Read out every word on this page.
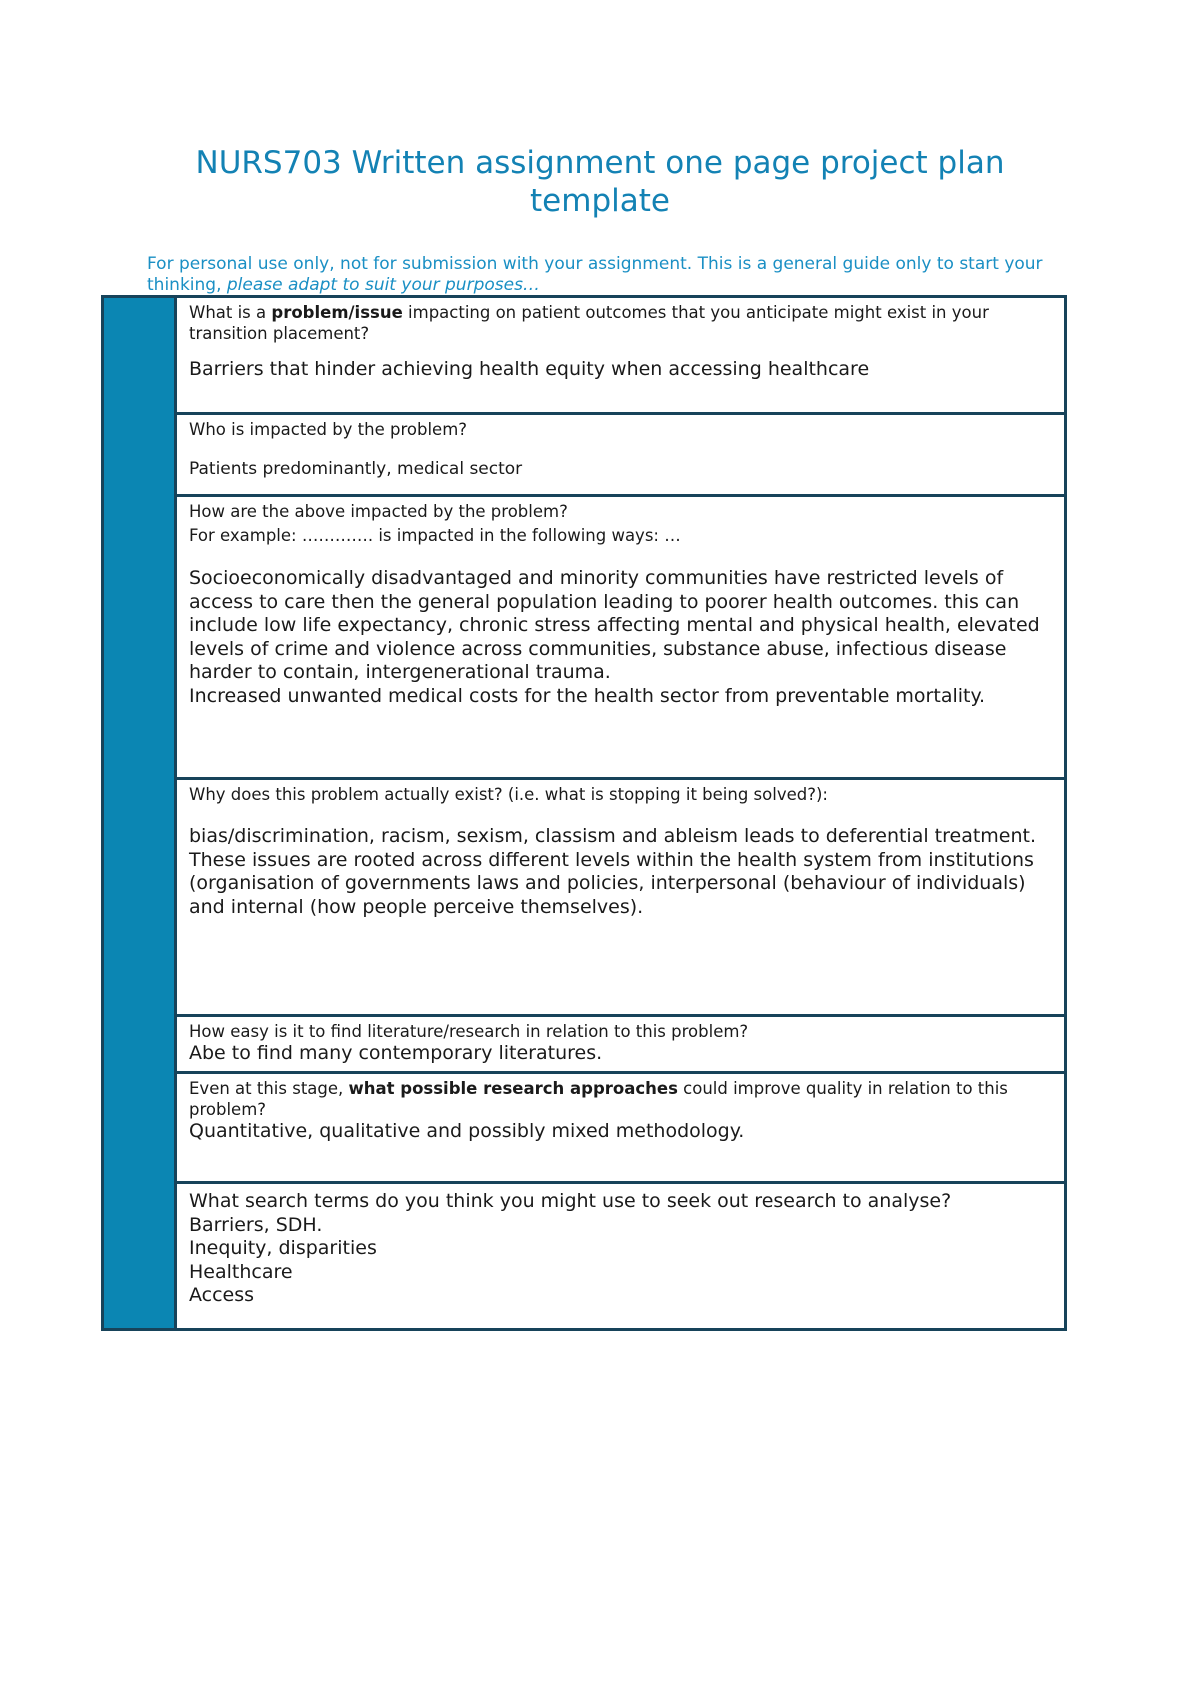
NURS703 Written assignment one page project plan template

For personal use only, not for submission with your assignment. This is a general guide only to start your thinking, please adapt to suit your purposes…

What is a problem/issue impacting on patient outcomes that you anticipate might exist in your transition placement?

Barriers that hinder achieving health equity when accessing healthcare

Who is impacted by the problem?

Patients predominantly, medical sector

How are the above impacted by the problem?

For example: …………. is impacted in the following ways: …

Socioeconomically disadvantaged and minority communities have restricted levels of access to care then the general population leading to poorer health outcomes. this can include low life expectancy, chronic stress affecting mental and physical health, elevated levels of crime and violence across communities, substance abuse, infectious disease harder to contain, intergenerational trauma.

Increased unwanted medical costs for the health sector from preventable mortality.

Why does this problem actually exist? (i.e. what is stopping it being solved?):

bias/discrimination, racism, sexism, classism and ableism leads to deferential treatment.

These issues are rooted across different levels within the health system from institutions (organisation of governments laws and policies, interpersonal (behaviour of individuals) and internal (how people perceive themselves).

How easy is it to find literature/research in relation to this problem?

Abe to find many contemporary literatures.

Even at this stage, what possible research approaches could improve quality in relation to this problem?

Quantitative, qualitative and possibly mixed methodology.

What search terms do you think you might use to seek out research to analyse?

Barriers, SDH.
Inequity, disparities
Healthcare
Access
